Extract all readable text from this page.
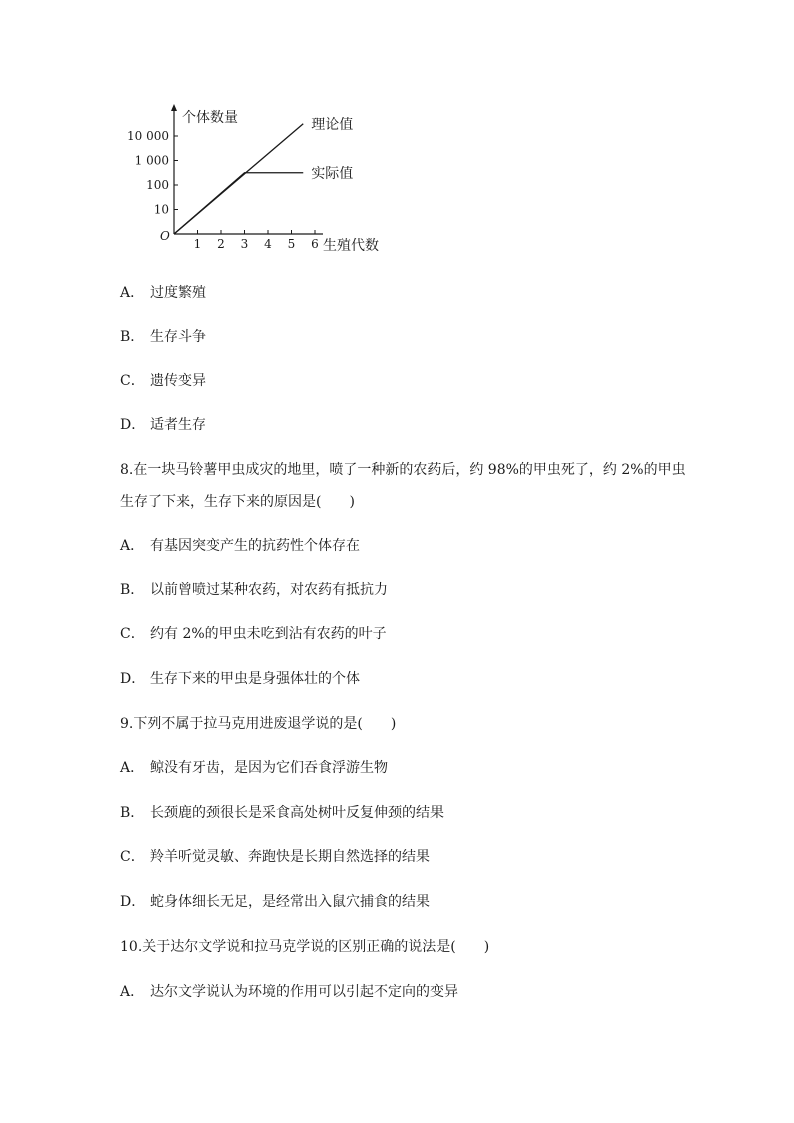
O
1 2 3 4 5 6
10
100
1 000
10 000
个体数量
生殖代数
理论值
实际值

A． 过度繁殖

B． 生存斗争

C． 遗传变异

D． 适者生存

8.在一块马铃薯甲虫成灾的地里，喷了一种新的农药后，约 98%的甲虫死了，约 2%的甲虫

生存了下来，生存下来的原因是(　　)

A． 有基因突变产生的抗药性个体存在

B． 以前曾喷过某种农药，对农药有抵抗力

C． 约有 2%的甲虫未吃到沾有农药的叶子

D． 生存下来的甲虫是身强体壮的个体

9.下列不属于拉马克用进废退学说的是(　　)

A． 鲸没有牙齿，是因为它们吞食浮游生物

B． 长颈鹿的颈很长是采食高处树叶反复伸颈的结果

C． 羚羊听觉灵敏、奔跑快是长期自然选择的结果

D． 蛇身体细长无足，是经常出入鼠穴捕食的结果

10.关于达尔文学说和拉马克学说的区别正确的说法是(　　)

A． 达尔文学说认为环境的作用可以引起不定向的变异
